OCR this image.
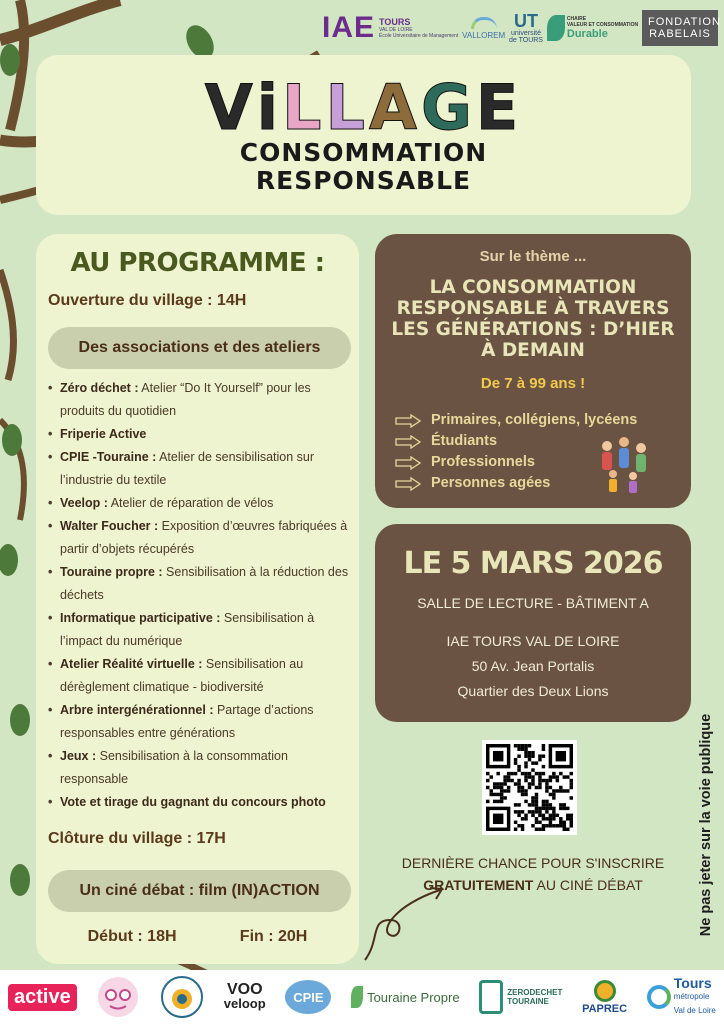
IAE TOURS
VAL DE LOIRE
École Universitaire de Management VALLOREM
UT
université
de TOURS
CHAIRE
VALEUR ET CONSOMMATION
Durable
FONDATION
RABELAIS
ViLLAGE
CONSOMMATION
RESPONSABLE
AU PROGRAMME :
Ouverture du village : 14H
Des associations et des ateliers
• Zéro déchet : Atelier “Do It Yourself” pour les produits du quotidien
• Friperie Active
• CPIE -Touraine : Atelier de sensibilisation sur l’industrie du textile
• Veelop : Atelier de réparation de vélos
• Walter Foucher : Exposition d’œuvres fabriquées à partir d’objets récupérés
• Touraine propre : Sensibilisation à la réduction des déchets
• Informatique participative : Sensibilisation à l’impact du numérique
• Atelier Réalité virtuelle : Sensibilisation au dérèglement climatique - biodiversité
• Arbre intergénérationnel : Partage d’actions responsables entre générations
• Jeux : Sensibilisation à la consommation responsable
• Vote et tirage du gagnant du concours photo
Clôture du village : 17H
Un ciné débat : film (IN)ACTION
Début : 18H	Fin : 20H
Sur le thème ...
LA CONSOMMATION RESPONSABLE À TRAVERS LES GÉNÉRATIONS : D’HIER À DEMAIN
De 7 à 99 ans !
Primaires, collégiens, lycéens
Étudiants
Professionnels
Personnes agées
LE 5 MARS 2026
SALLE DE LECTURE - BÂTIMENT A
IAE TOURS VAL DE LOIRE
50 Av. Jean Portalis
Quartier des Deux Lions
DERNIÈRE CHANCE POUR S'INSCRIRE
GRATUITEMENT AU CINÉ DÉBAT	Ne pas jeter sur la voie publique
active	VOO
veloop	CPIE	Touraine Propre	ZERODECHET
TOURAINE
PAPREC
Tours
métropole
Val de Loire
